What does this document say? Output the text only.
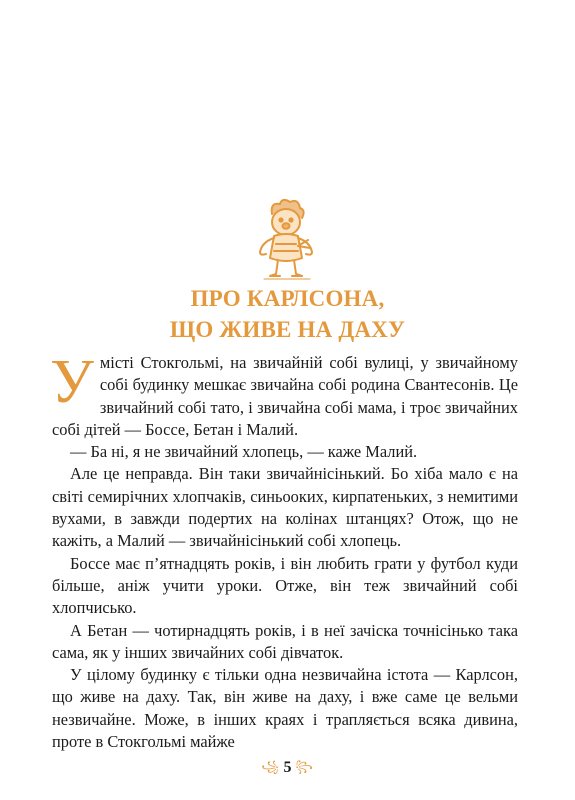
ПРО КАРЛСОНА,
ЩО ЖИВЕ НА ДАХУ

У місті Стокгольмі, на звичайній собі вулиці, у звичайному собі будинку мешкає звичайна собі родина Свантесонів. Це звичайний собі тато, і звичайна собі мама, і троє звичайних собі дітей — Боссе, Бетан і Малий.

— Ба ні, я не звичайний хлопець, — каже Малий.

Але це неправда. Він таки звичайнісінький. Бо хіба мало є на світі семирічних хлопчаків, синьооких, кирпатеньких, з немитими вухами, в завжди подертих на колінах штанцях? Отож, що не кажіть, а Малий — звичайнісінький собі хлопець.

Боссе має п’ятнадцять років, і він любить грати у футбол куди більше, аніж учити уроки. Отже, він теж звичайний собі хлопчисько.

А Бетан — чотирнадцять років, і в неї зачіска точнісінько така сама, як у інших звичайних собі дівчаток.

У цілому будинку є тільки одна незвичайна істота — Карлсон, що живе на даху. Так, він живе на даху, і вже саме це вельми незвичайне. Може, в інших краях і трапляється всяка дивина, проте в Стокгольмі майже

꧁ 5 ꧂
